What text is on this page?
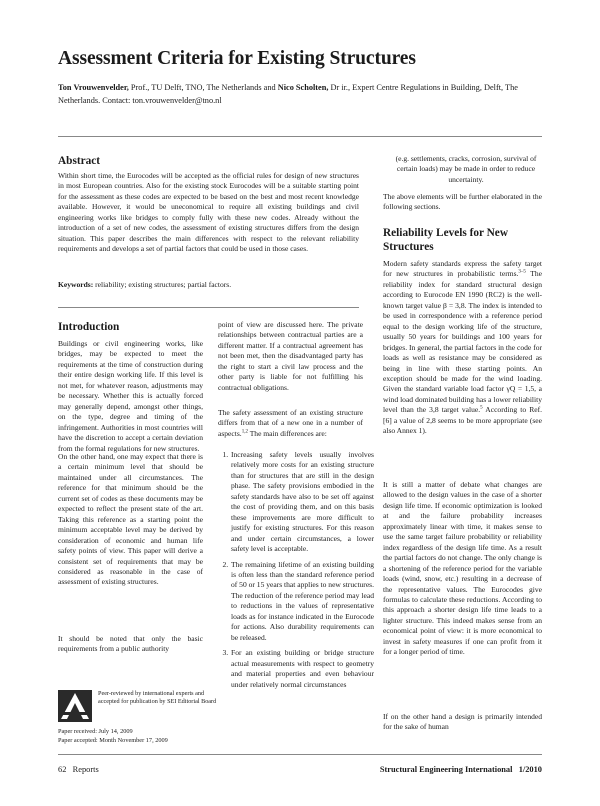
Assessment Criteria for Existing Structures
Ton Vrouwenvelder, Prof., TU Delft, TNO, The Netherlands and Nico Scholten, Dr ir., Expert Centre Regulations in Building, Delft, The Netherlands. Contact: ton.vrouwenvelder@tno.nl
Abstract

Within short time, the Eurocodes will be accepted as the official rules for design of new structures in most European countries. Also for the existing stock Eurocodes will be a suitable starting point for the assessment as these codes are expected to be based on the best and most recent knowledge available. However, it would be uneconomical to require all existing buildings and civil engineering works like bridges to comply fully with these new codes. Already without the introduction of a set of new codes, the assessment of existing structures differs from the design situation. This paper describes the main differences with respect to the relevant reliability requirements and develops a set of partial factors that could be used in those cases.

Keywords: reliability; existing structures; partial factors.

Introduction

Buildings or civil engineering works, like bridges, may be expected to meet the requirements at the time of construction during their entire design working life. If this level is not met, for whatever reason, adjustments may be necessary. Whether this is actually forced may generally depend, amongst other things, on the type, degree and timing of the infringement. Authorities in most countries will have the discretion to accept a certain deviation from the formal regulations for new structures.

On the other hand, one may expect that there is a certain minimum level that should be maintained under all circumstances. The reference for that minimum should be the current set of codes as these documents may be expected to reflect the present state of the art. Taking this reference as a starting point the minimum acceptable level may be derived by consideration of economic and human life safety points of view. This paper will derive a consistent set of requirements that may be considered as reasonable in the case of assessment of existing structures.

It should be noted that only the basic requirements from a public authority

Peer-reviewed by international experts and accepted for publication by SEI Editorial Board
Paper received: July 14, 2009
Paper accepted: Month November 17, 2009

point of view are discussed here. The private relationships between contractual parties are a different matter. If a contractual agreement has not been met, then the disadvantaged party has the right to start a civil law process and the other party is liable for not fulfilling his contractual obligations.

The safety assessment of an existing structure differs from that of a new one in a number of aspects.$^{1,2}$ The main differences are:

1. Increasing safety levels usually involves relatively more costs for an existing structure than for structures that are still in the design phase. The safety provisions embodied in the safety standards have also to be set off against the cost of providing them, and on this basis these improvements are more difficult to justify for existing structures. For this reason and under certain circumstances, a lower safety level is acceptable.
2. The remaining lifetime of an existing building is often less than the standard reference period of 50 or 15 years that applies to new structures. The reduction of the reference period may lead to reductions in the values of representative loads as for instance indicated in the Eurocode for actions. Also durability requirements can be released.
3. For an existing building or bridge structure actual measurements with respect to geometry and material properties and even behaviour under relatively normal circumstances

(e.g. settlements, cracks, corrosion, survival of certain loads) may be made in order to reduce uncertainty.

The above elements will be further elaborated in the following sections.

Reliability Levels for New Structures

Modern safety standards express the safety target for new structures in probabilistic terms.$^{3-5}$ The reliability index for standard structural design according to Eurocode EN 1990 (RC2) is the well-known target value β = 3,8. The index is intended to be used in correspondence with a reference period equal to the design working life of the structure, usually 50 years for buildings and 100 years for bridges. In general, the partial factors in the code for loads as well as resistance may be considered as being in line with these starting points. An exception should be made for the wind loading. Given the standard variable load factor γQ = 1,5, a wind load dominated building has a lower reliability level than the 3,8 target value.$^5$ According to Ref. [6] a value of 2,8 seems to be more appropriate (see also Annex 1).

It is still a matter of debate what changes are allowed to the design values in the case of a shorter design life time. If economic optimization is looked at and the failure probability increases approximately linear with time, it makes sense to use the same target failure probability or reliability index regardless of the design life time. As a result the partial factors do not change. The only change is a shortening of the reference period for the variable loads (wind, snow, etc.) resulting in a decrease of the representative values. The Eurocodes give formulas to calculate these reductions. According to this approach a shorter design life time leads to a lighter structure. This indeed makes sense from an economical point of view: it is more economical to invest in safety measures if one can profit from it for a longer period of time.

If on the other hand a design is primarily intended for the sake of human

62 Reports	Structural Engineering International 1/2010
